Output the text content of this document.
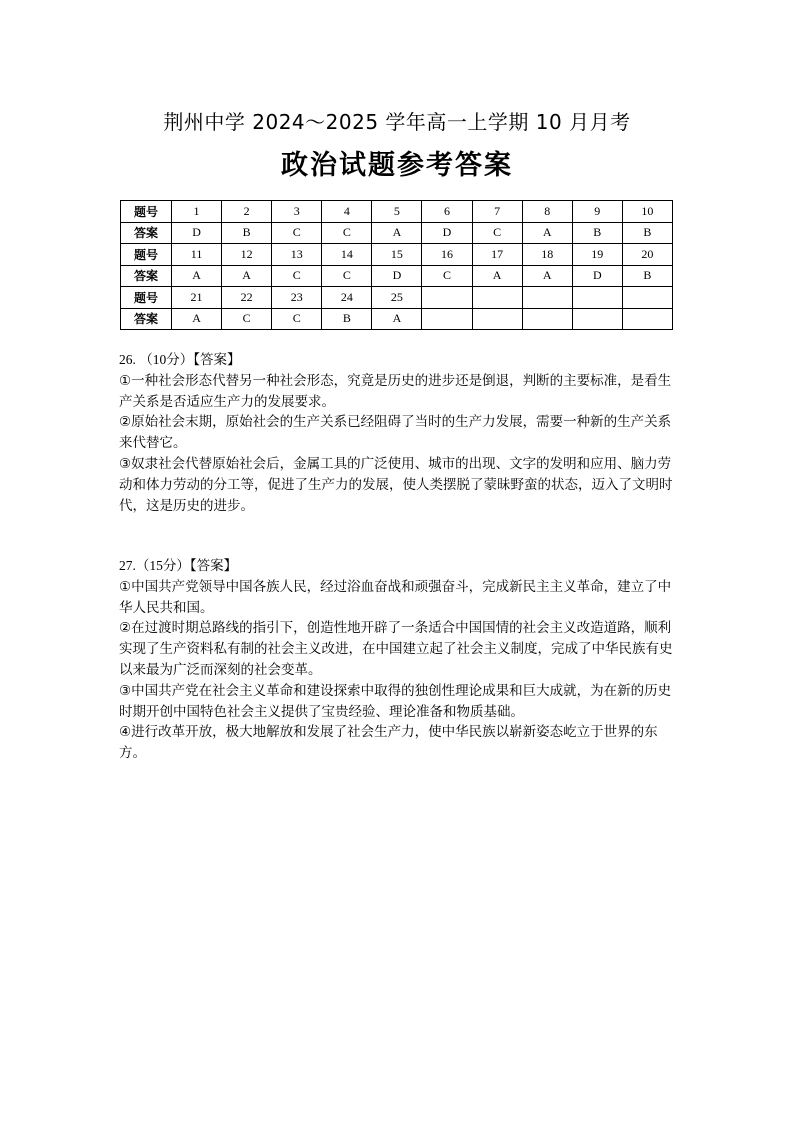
荆州中学 2024～2025 学年高一上学期 10 月月考
政治试题参考答案
题号	1	2	3	4	5	6	7	8	9	10
答案	D	B	C	C	A	D	C	A	B	B
题号	11	12	13	14	15	16	17	18	19	20
答案	A	A	C	C	D	C	A	A	D	B
题号	21	22	23	24	25					
答案	A	C	C	B	A					

26. （10分）【答案】

①一种社会形态代替另一种社会形态，究竟是历史的进步还是倒退，判断的主要标准，是看生产关系是否适应生产力的发展要求。

②原始社会末期，原始社会的生产关系已经阻碍了当时的生产力发展，需要一种新的生产关系来代替它。

③奴隶社会代替原始社会后，金属工具的广泛使用、城市的出现、文字的发明和应用、脑力劳动和体力劳动的分工等，促进了生产力的发展，使人类摆脱了蒙昧野蛮的状态，迈入了文明时代，这是历史的进步。

27.（15分）【答案】

①中国共产党领导中国各族人民，经过浴血奋战和顽强奋斗，完成新民主主义革命，建立了中华人民共和国。

②在过渡时期总路线的指引下，创造性地开辟了一条适合中国国情的社会主义改造道路，顺利实现了生产资料私有制的社会主义改进，在中国建立起了社会主义制度，完成了中华民族有史以来最为广泛而深刻的社会变革。

③中国共产党在社会主义革命和建设探索中取得的独创性理论成果和巨大成就，为在新的历史时期开创中国特色社会主义提供了宝贵经验、理论准备和物质基础。

④进行改革开放，极大地解放和发展了社会生产力，使中华民族以崭新姿态屹立于世界的东方。
